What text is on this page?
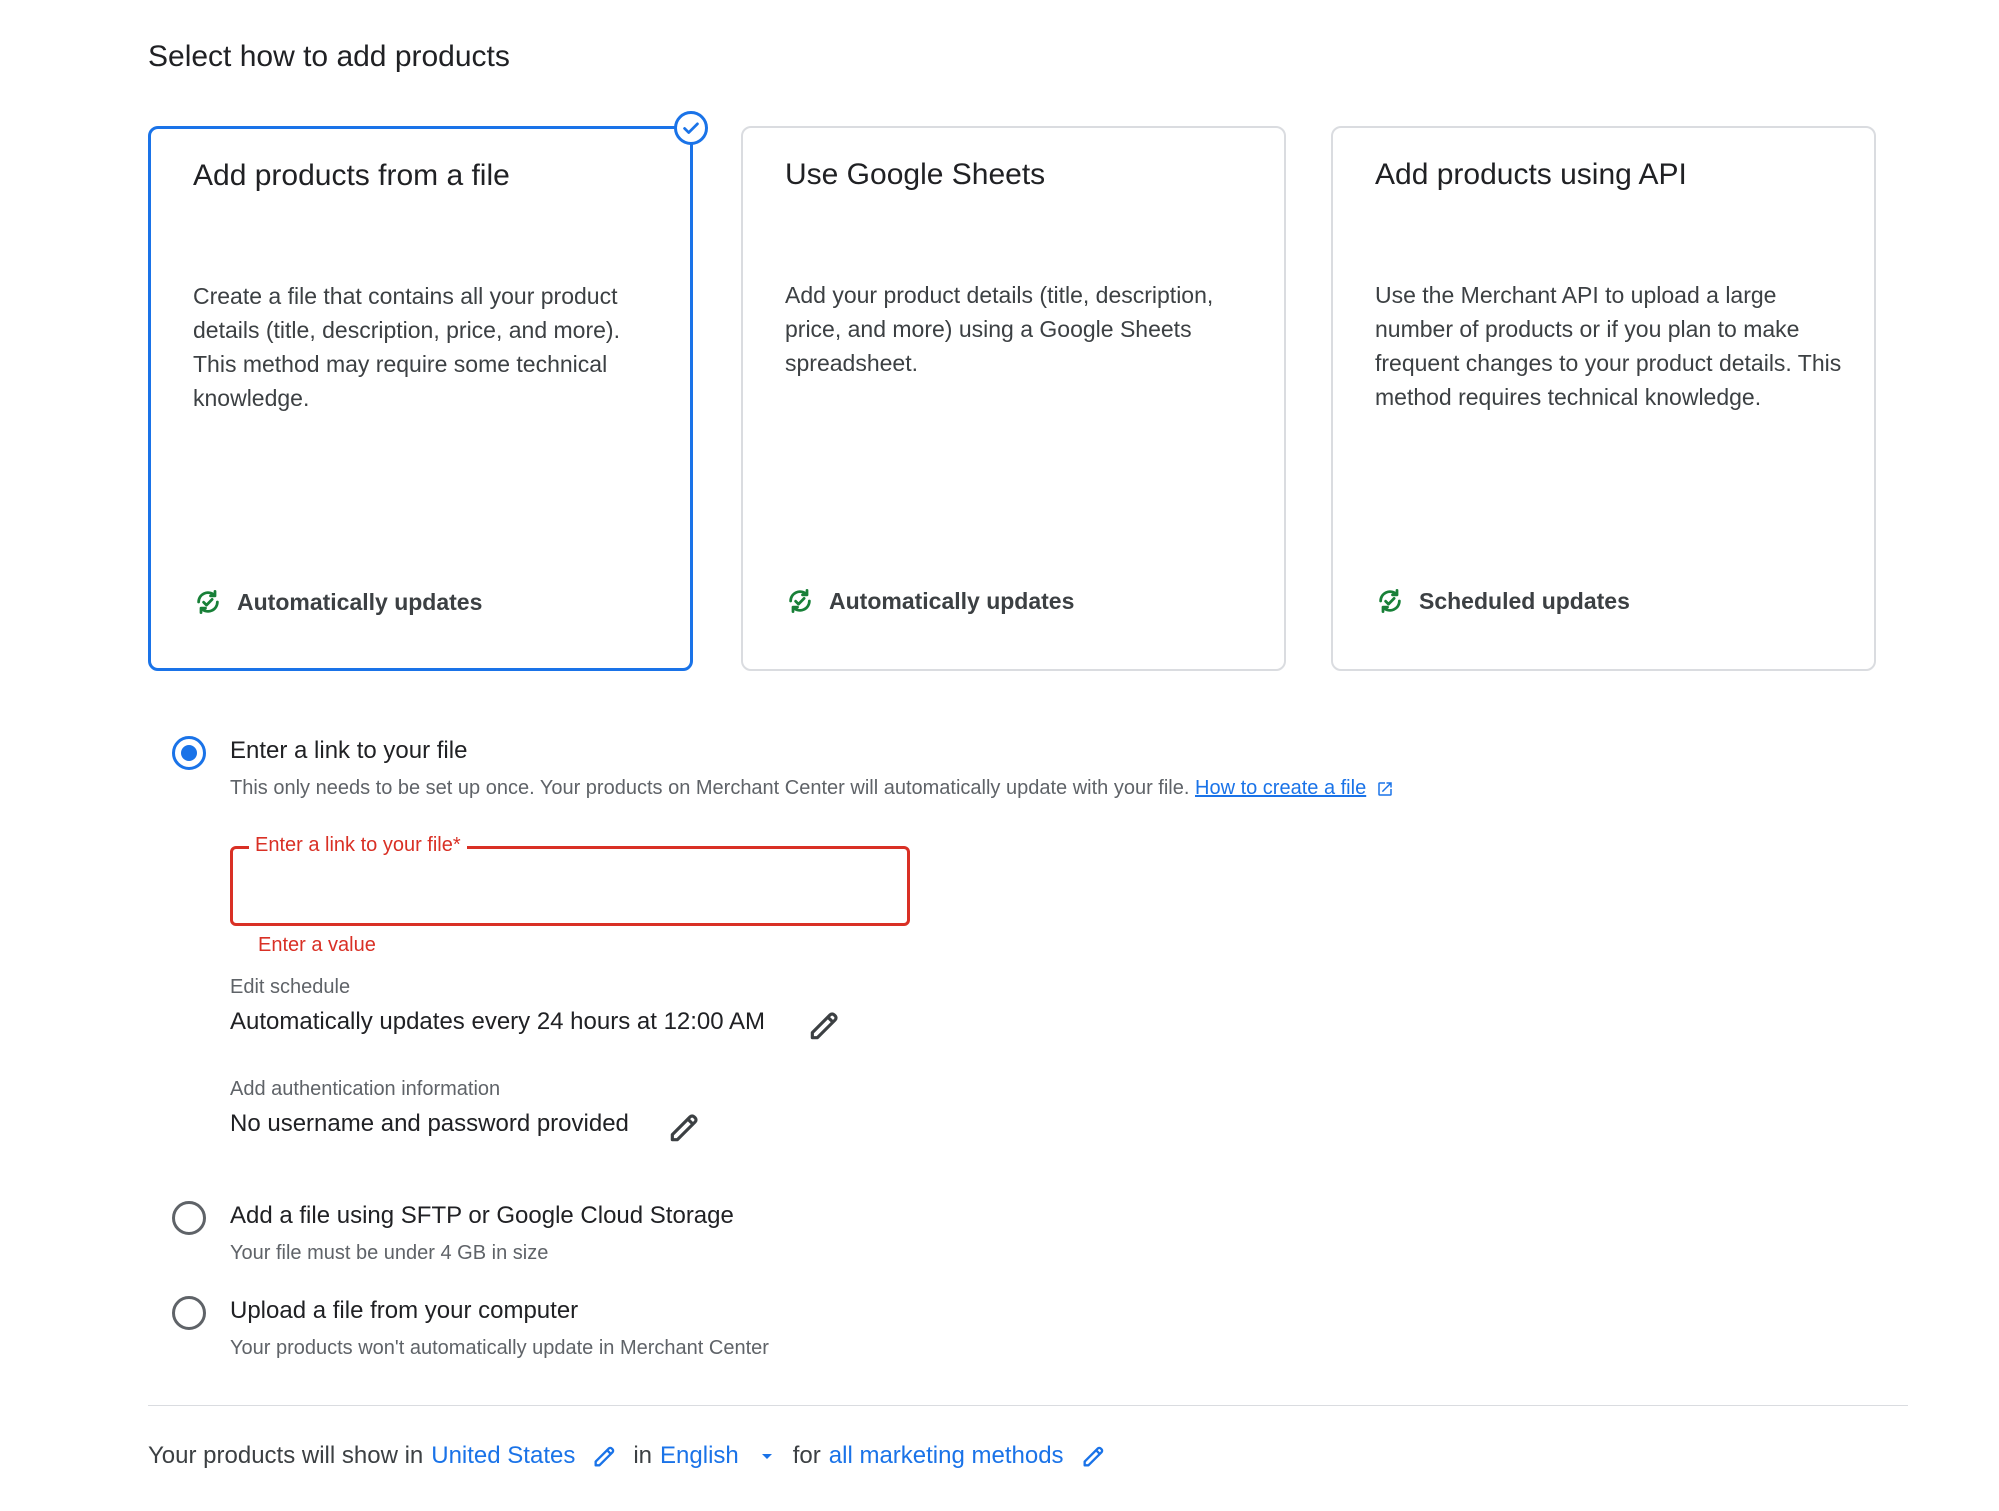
Select how to add products
Add products from a file
Create a file that contains all your product details (title, description, price, and more). This method may require some technical knowledge.
Automatically updates
Use Google Sheets
Add your product details (title, description, price, and more) using a Google Sheets spreadsheet.
Automatically updates
Add products using API
Use the Merchant API to upload a large number of products or if you plan to make frequent changes to your product details. This method requires technical knowledge.
Scheduled updates
Enter a link to your file
This only needs to be set up once. Your products on Merchant Center will automatically update with your file. How to create a file
Enter a link to your file*
Enter a value
Edit schedule
Automatically updates every 24 hours at 12:00 AM
Add authentication information
No username and password provided
Add a file using SFTP or Google Cloud Storage
Your file must be under 4 GB in size
Upload a file from your computer
Your products won't automatically update in Merchant Center
Your products will show in United States in English for all marketing methods
